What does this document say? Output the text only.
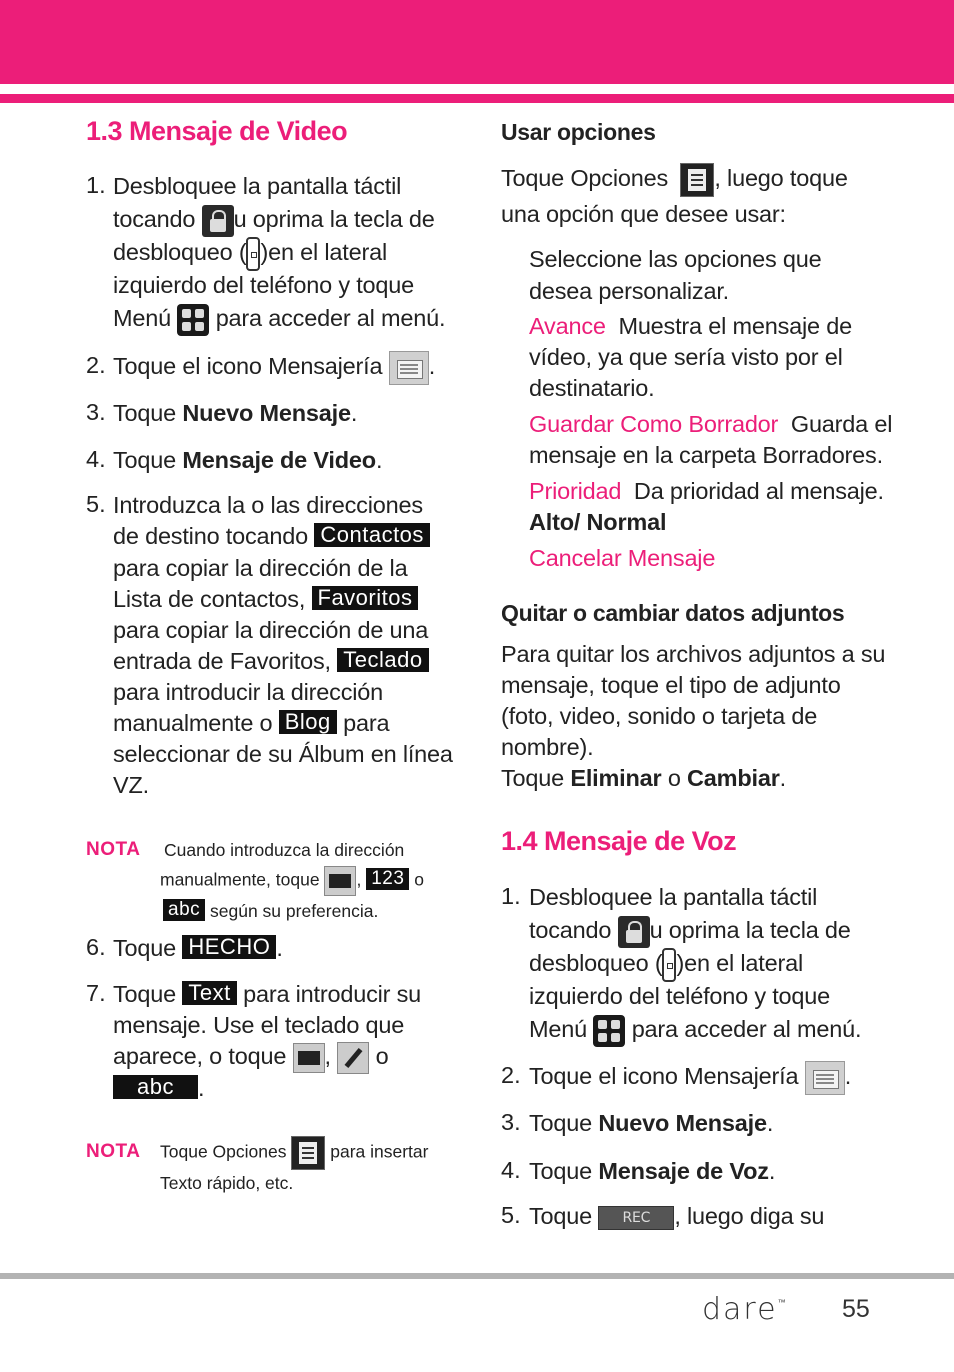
1.3 Mensaje de Video
1. Desbloquee la pantalla táctil
tocando u oprima la tecla de
desbloqueo ( )en el lateral
izquierdo del teléfono y toque
Menú para acceder al menú.
2. Toque el icono Mensajería .
3. Toque Nuevo Mensaje.
4. Toque Mensaje de Video.
5. Introduzca la o las direcciones
de destino tocando Contactos
para copiar la dirección de la
Lista de contactos, Favoritos
para copiar la dirección de una
entrada de Favoritos, Teclado
para introducir la dirección
manualmente o Blog para
seleccionar de su Álbum en línea
VZ.
NOTA Cuando introduzca la dirección
manualmente, toque , 123 o
abc según su preferencia.
6. Toque HECHO .
7. Toque Text para introducir su
mensaje. Use el teclado que
aparece, o toque , o
abc .
NOTA Toque Opciones	para insertar
Texto rápido, etc.
Usar opciones
Toque Opciones , luego toque
una opción que desee usar:
Seleccione las opciones que
desea personalizar.
Avance Muestra el mensaje de
vídeo, ya que sería visto por el
destinatario.
Guardar Como Borrador Guarda el
mensaje en la carpeta Borradores.
Prioridad Da prioridad al mensaje.
Alto/ Normal
Cancelar Mensaje
Quitar o cambiar datos adjuntos
Para quitar los archivos adjuntos a su
mensaje, toque el tipo de adjunto
(foto, video, sonido o tarjeta de
nombre).
Toque Eliminar o Cambiar.
1.4 Mensaje de Voz
1. Desbloquee la pantalla táctil
tocando u oprima la tecla de
desbloqueo ( )en el lateral
izquierdo del teléfono y toque
Menú para acceder al menú.
2. Toque el icono Mensajería .
3. Toque Nuevo Mensaje.
4. Toque Mensaje de Voz.
5. Toque REC , luego diga su
dare™ 55
